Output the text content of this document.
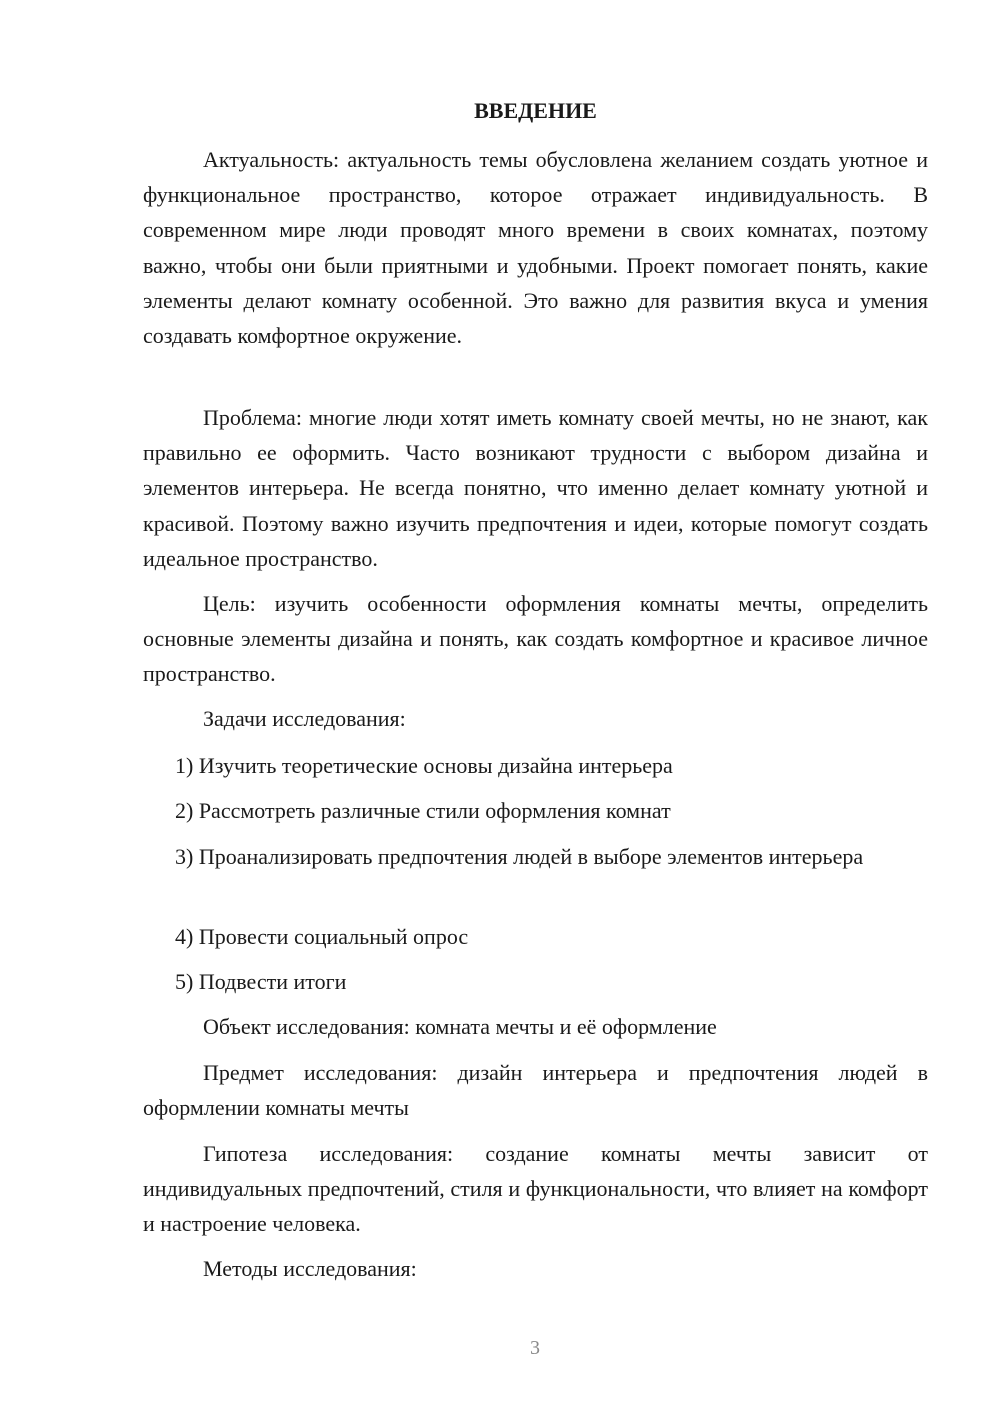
ВВЕДЕНИЕ

Актуальность: актуальность темы обусловлена желанием создать уютное и функциональное пространство, которое отражает индивидуальность. В современном мире люди проводят много времени в своих комнатах, поэтому важно, чтобы они были приятными и удобными. Проект помогает понять, какие элементы делают комнату особенной. Это важно для развития вкуса и умения создавать комфортное окружение.

Проблема: многие люди хотят иметь комнату своей мечты, но не знают, как правильно ее оформить. Часто возникают трудности с выбором дизайна и элементов интерьера. Не всегда понятно, что именно делает комнату уютной и красивой. Поэтому важно изучить предпочтения и идеи, которые помогут создать идеальное пространство.

Цель: изучить особенности оформления комнаты мечты, определить основные элементы дизайна и понять, как создать комфортное и красивое личное пространство.

Задачи исследования:

1) Изучить теоретические основы дизайна интерьера

2) Рассмотреть различные стили оформления комнат

3) Проанализировать предпочтения людей в выборе элементов интерьера

4) Провести социальный опрос

5) Подвести итоги

Объект исследования: комната мечты и её оформление

Предмет исследования: дизайн интерьера и предпочтения людей в оформлении комнаты мечты

Гипотеза исследования: создание комнаты мечты зависит от индивидуальных предпочтений, стиля и функциональности, что влияет на комфорт и настроение человека.

Методы исследования:

3
